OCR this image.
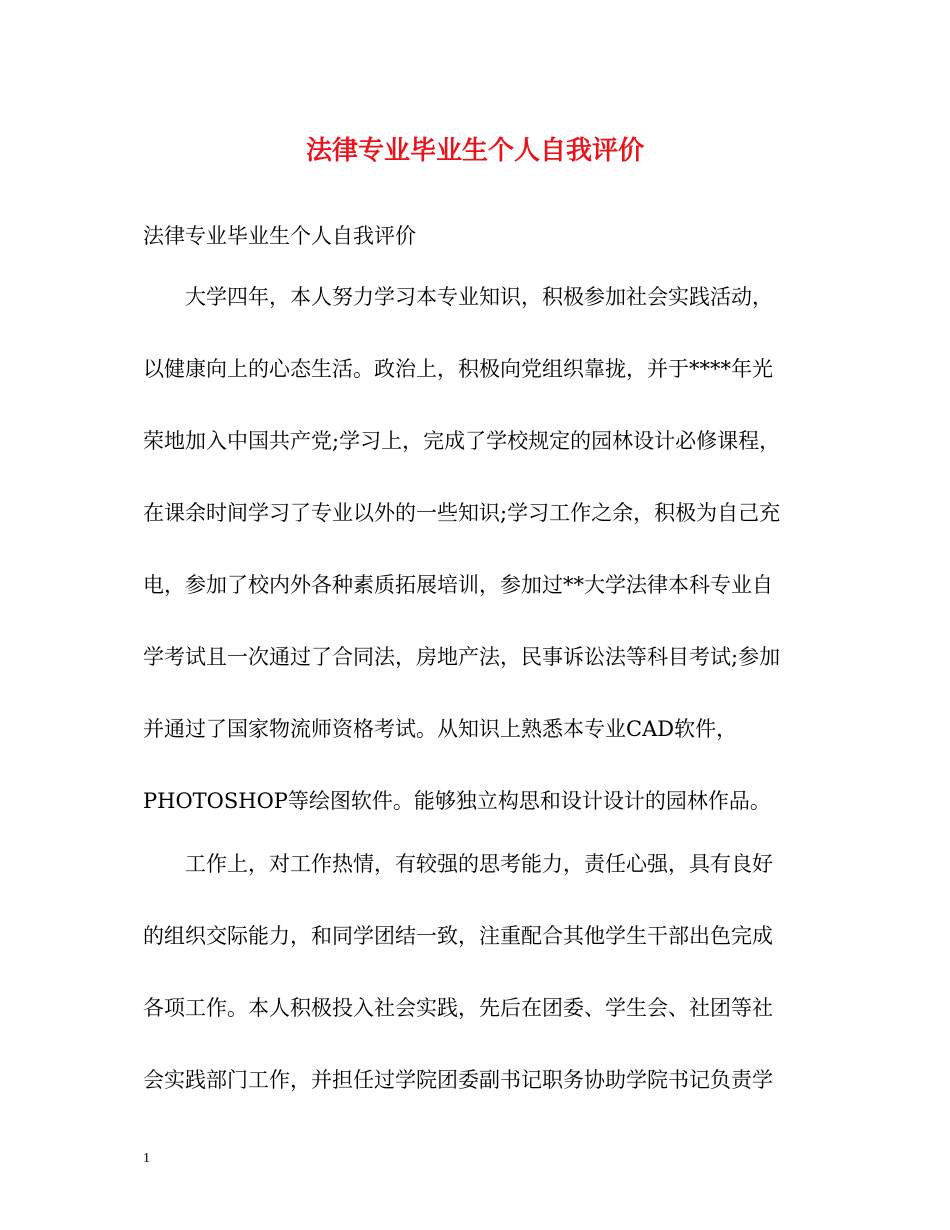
法律专业毕业生个人自我评价

法律专业毕业生个人自我评价

大学四年，本人努力学习本专业知识，积极参加社会实践活动，

以健康向上的心态生活。政治上，积极向党组织靠拢，并于****年光

荣地加入中国共产党;学习上，完成了学校规定的园林设计必修课程，

在课余时间学习了专业以外的一些知识;学习工作之余，积极为自己充

电，参加了校内外各种素质拓展培训，参加过**大学法律本科专业自

学考试且一次通过了合同法，房地产法，民事诉讼法等科目考试;参加

并通过了国家物流师资格考试。从知识上熟悉本专业CAD软件，

PHOTOSHOP等绘图软件。能够独立构思和设计设计的园林作品。

工作上，对工作热情，有较强的思考能力，责任心强，具有良好

的组织交际能力，和同学团结一致，注重配合其他学生干部出色完成

各项工作。本人积极投入社会实践，先后在团委、学生会、社团等社

会实践部门工作，并担任过学院团委副书记职务协助学院书记负责学

1
